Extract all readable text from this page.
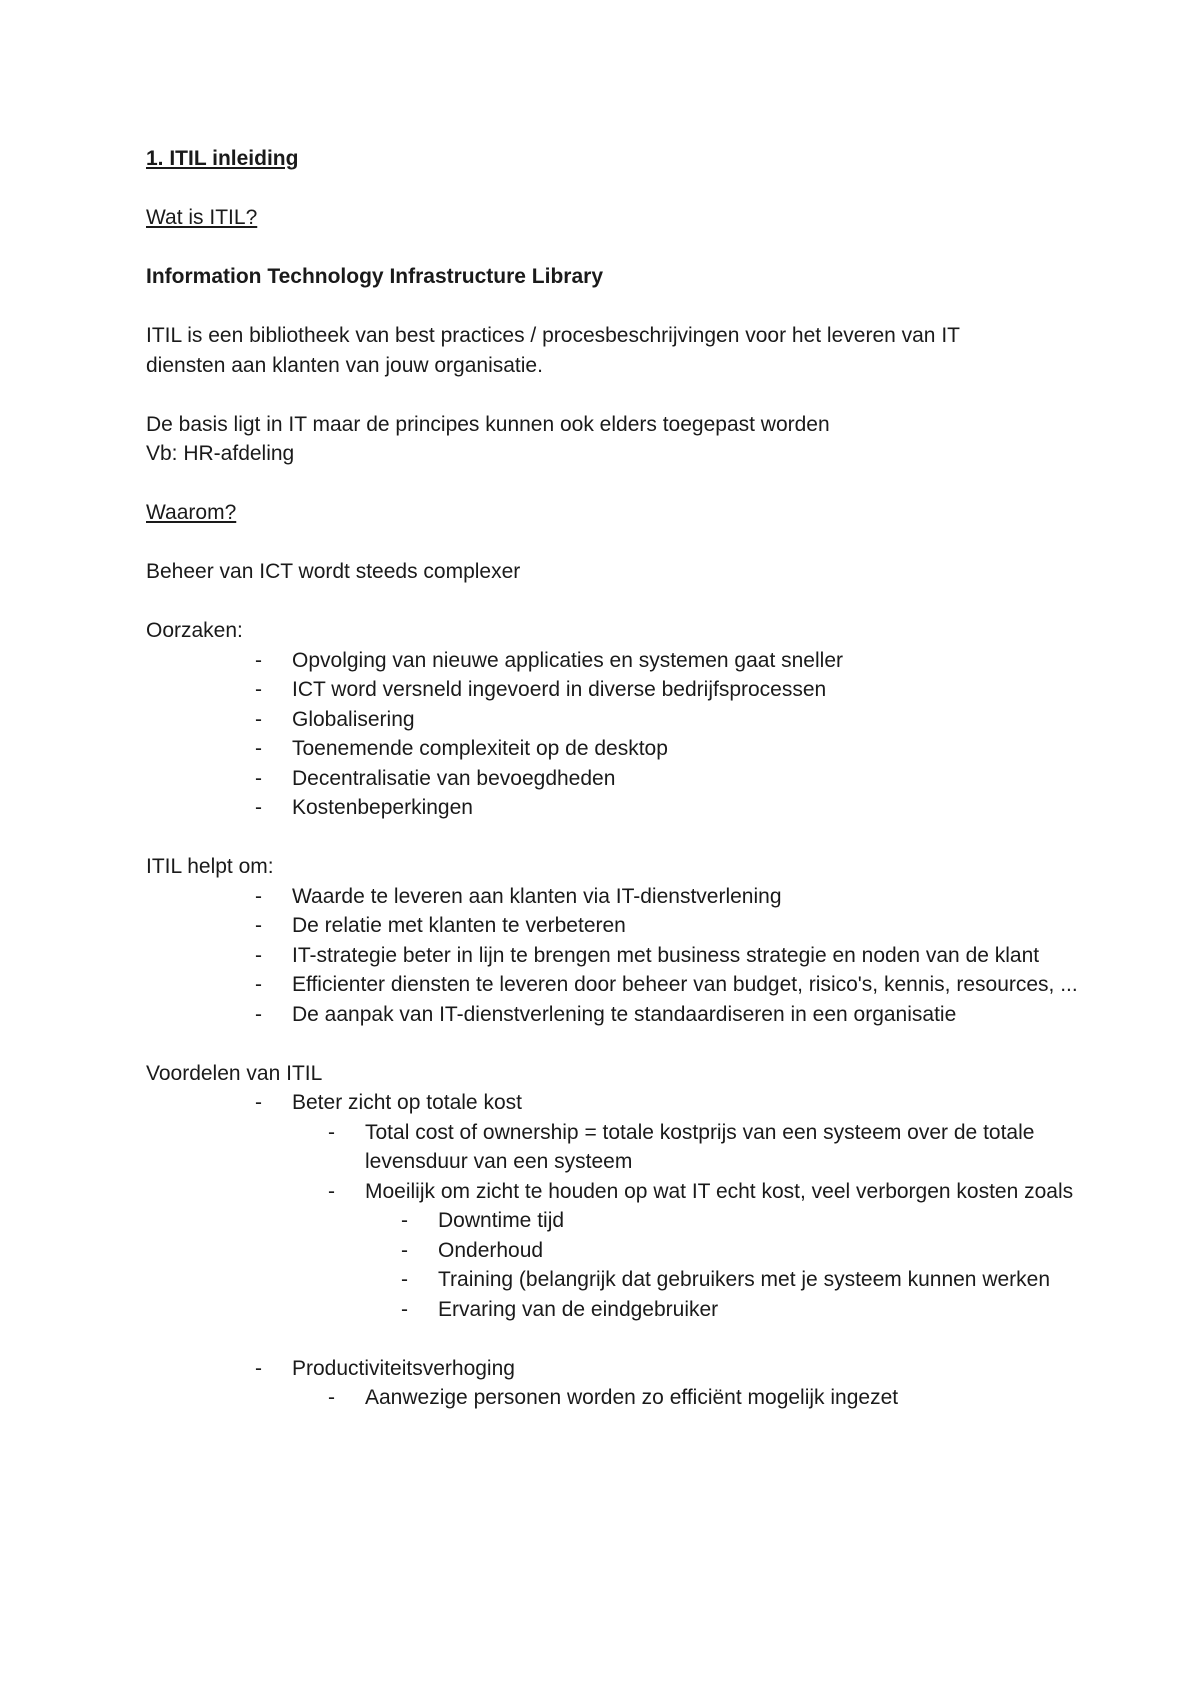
1. ITIL inleiding

Wat is ITIL?

Information Technology Infrastructure Library

ITIL is een bibliotheek van best practices / procesbeschrijvingen voor het leveren van IT

diensten aan klanten van jouw organisatie.

De basis ligt in IT maar de principes kunnen ook elders toegepast worden

Vb: HR-afdeling

Waarom?

Beheer van ICT wordt steeds complexer

Oorzaken:

- Opvolging van nieuwe applicaties en systemen gaat sneller
- ICT word versneld ingevoerd in diverse bedrijfsprocessen
- Globalisering
- Toenemende complexiteit op de desktop
- Decentralisatie van bevoegdheden
- Kostenbeperkingen

ITIL helpt om:

- Waarde te leveren aan klanten via IT-dienstverlening
- De relatie met klanten te verbeteren
- IT-strategie beter in lijn te brengen met business strategie en noden van de klant
- Efficienter diensten te leveren door beheer van budget, risico's, kennis, resources, ...
- De aanpak van IT-dienstverlening te standaardiseren in een organisatie

Voordelen van ITIL

- Beter zicht op totale kost
- Total cost of ownership = totale kostprijs van een systeem over de totale levensduur van een systeem
- Moeilijk om zicht te houden op wat IT echt kost, veel verborgen kosten zoals
- Downtime tijd
- Onderhoud
- Training (belangrijk dat gebruikers met je systeem kunnen werken
- Ervaring van de eindgebruiker
- Productiviteitsverhoging
- Aanwezige personen worden zo efficiënt mogelijk ingezet
